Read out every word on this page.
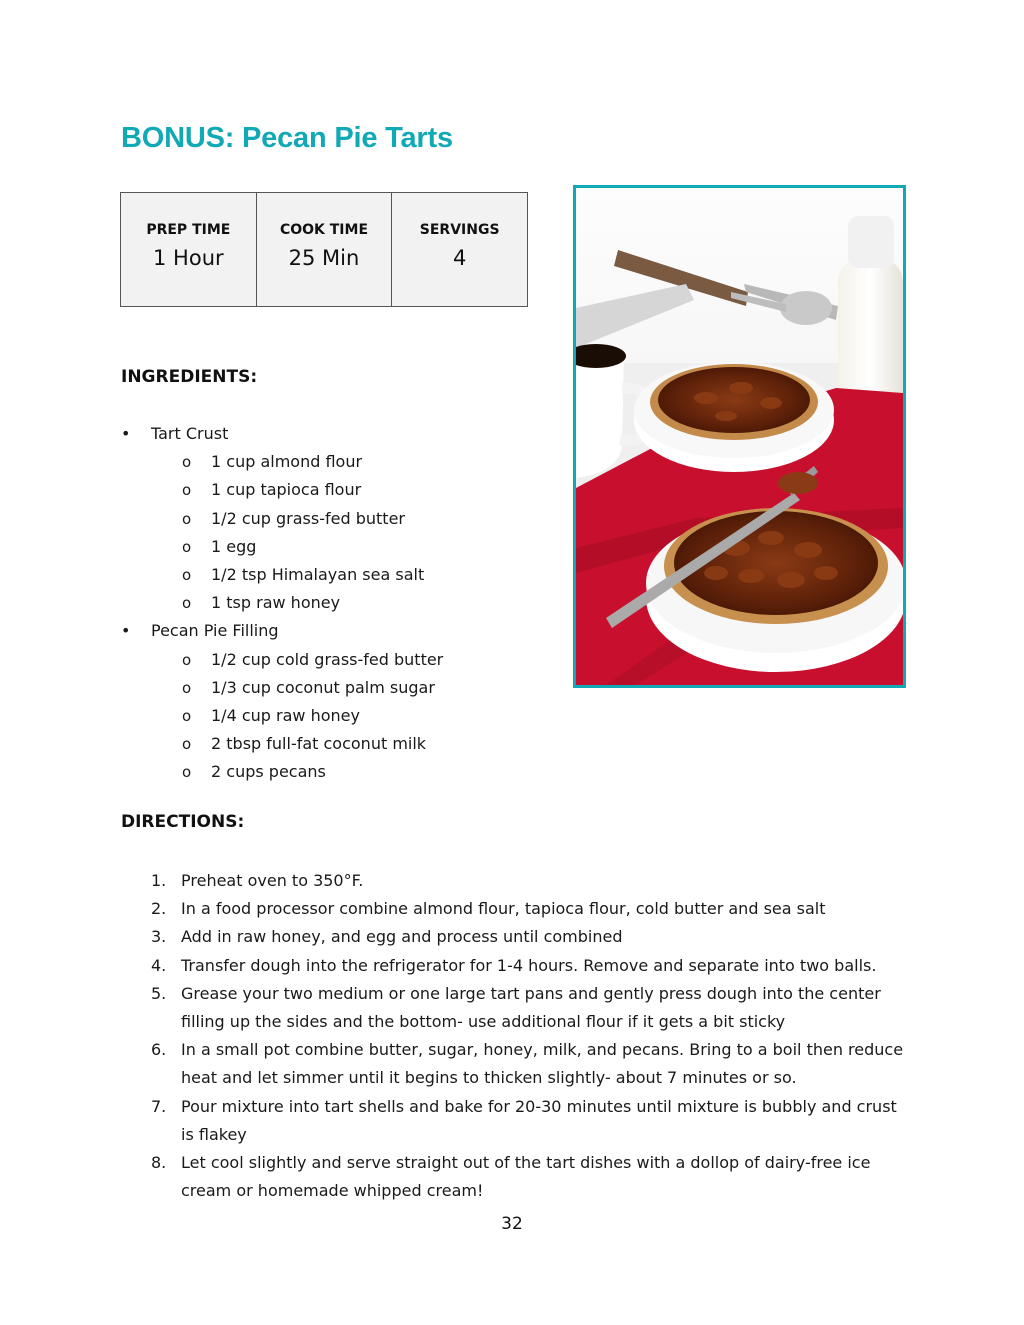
BONUS: Pecan Pie Tarts
PREP TIME
1 Hour

COOK TIME
25 Min

SERVINGS
4
INGREDIENTS:
• Tart Crust
o 1 cup almond flour
o 1 cup tapioca flour
o 1/2 cup grass-fed butter
o 1 egg
o 1/2 tsp Himalayan sea salt
o 1 tsp raw honey
• Pecan Pie Filling
o 1/2 cup cold grass-fed butter
o 1/3 cup coconut palm sugar
o 1/4 cup raw honey
o 2 tbsp full-fat coconut milk
o 2 cups pecans
DIRECTIONS:
1. Preheat oven to 350°F.
2. In a food processor combine almond flour, tapioca flour, cold butter and sea salt
3. Add in raw honey, and egg and process until combined
4. Transfer dough into the refrigerator for 1-4 hours. Remove and separate into two balls.
5. Grease your two medium or one large tart pans and gently press dough into the center filling up the sides and the bottom- use additional flour if it gets a bit sticky
6. In a small pot combine butter, sugar, honey, milk, and pecans. Bring to a boil then reduce heat and let simmer until it begins to thicken slightly- about 7 minutes or so.
7. Pour mixture into tart shells and bake for 20-30 minutes until mixture is bubbly and crust is flakey
8. Let cool slightly and serve straight out of the tart dishes with a dollop of dairy-free ice cream or homemade whipped cream!
32
